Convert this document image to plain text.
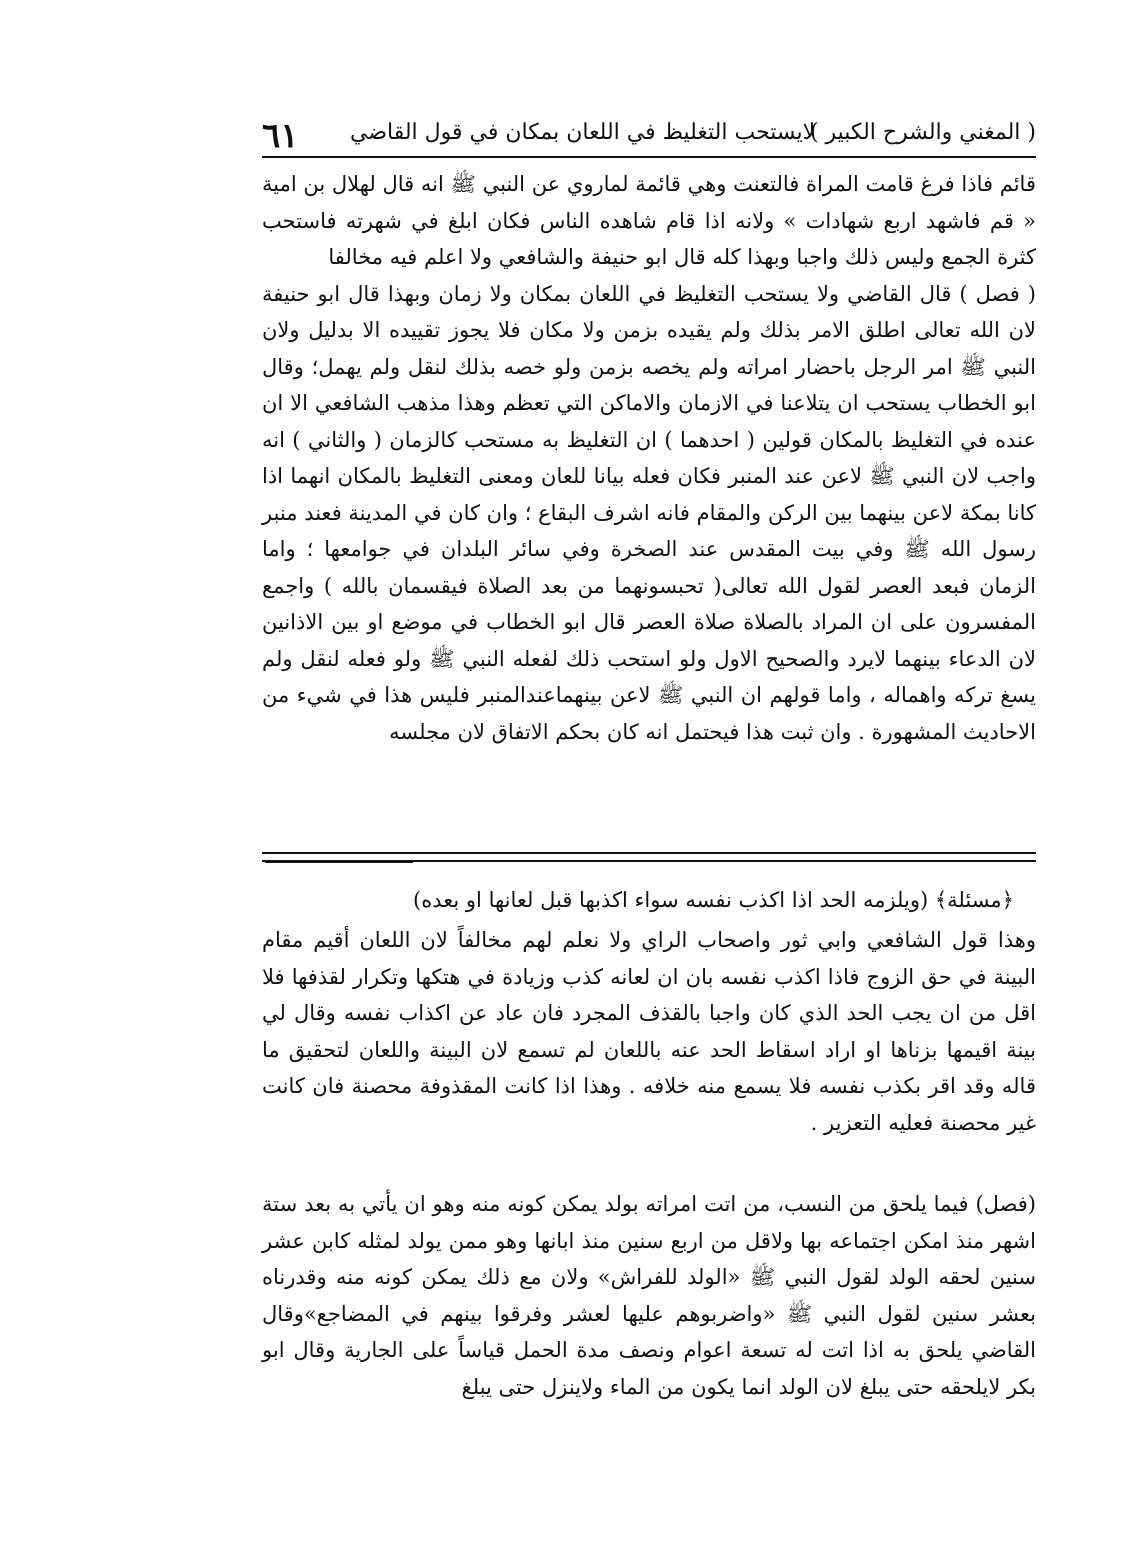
( المغني والشرح الكبير )
لايستحب التغليظ في اللعان بمكان في قول القاضي
٦١

قائم فاذا فرغ قامت المراة فالتعنت وهي قائمة لماروي عن النبي ﷺ انه قال لهلال بن امية « قم فاشهد اربع شهادات » ولانه اذا قام شاهده الناس فكان ابلغ في شهرته فاستحب كثرة الجمع وليس ذلك واجبا وبهذا كله قال ابو حنيفة والشافعي ولا اعلم فيه مخالفا

( فصل ) قال القاضي ولا يستحب التغليظ في اللعان بمكان ولا زمان وبهذا قال ابو حنيفة لان الله تعالى اطلق الامر بذلك ولم يقيده بزمن ولا مكان فلا يجوز تقييده الا بدليل ولان النبي ﷺ امر الرجل باحضار امراته ولم يخصه بزمن ولو خصه بذلك لنقل ولم يهمل؛ وقال ابو الخطاب يستحب ان يتلاعنا في الازمان والاماكن التي تعظم وهذا مذهب الشافعي الا ان عنده في التغليظ بالمكان قولين ( احدهما ) ان التغليظ به مستحب كالزمان ( والثاني ) انه واجب لان النبي ﷺ لاعن عند المنبر فكان فعله بيانا للعان ومعنى التغليظ بالمكان انهما اذا كانا بمكة لاعن بينهما بين الركن والمقام فانه اشرف البقاع ؛ وان كان في المدينة فعند منبر رسول الله ﷺ وفي بيت المقدس عند الصخرة وفي سائر البلدان في جوامعها ؛ واما الزمان فبعد العصر لقول الله تعالى( تحبسونهما من بعد الصلاة فيقسمان بالله ) واجمع المفسرون على ان المراد بالصلاة صلاة العصر قال ابو الخطاب في موضع او بين الاذانين لان الدعاء بينهما لايرد والصحيح الاول ولو استحب ذلك لفعله النبي ﷺ ولو فعله لنقل ولم يسغ تركه واهماله ، واما قولهم ان النبي ﷺ لاعن بينهماعندالمنبر فليس هذا في شيء من الاحاديث المشهورة . وان ثبت هذا فيحتمل انه كان بحكم الاتفاق لان مجلسه

﴿مسئلة﴾ (ويلزمه الحد اذا اكذب نفسه سواء اكذبها قبل لعانها او بعده)

وهذا قول الشافعي وابي ثور واصحاب الراي ولا نعلم لهم مخالفاً لان اللعان أقيم مقام البينة في حق الزوج فاذا اكذب نفسه بان ان لعانه كذب وزيادة في هتكها وتكرار لقذفها فلا اقل من ان يجب الحد الذي كان واجبا بالقذف المجرد فان عاد عن اكذاب نفسه وقال لي بينة اقيمها بزناها او اراد اسقاط الحد عنه باللعان لم تسمع لان البينة واللعان لتحقيق ما قاله وقد اقر بكذب نفسه فلا يسمع منه خلافه . وهذا اذا كانت المقذوفة محصنة فان كانت غير محصنة فعليه التعزير .

(فصل) فيما يلحق من النسب، من اتت امراته بولد يمكن كونه منه وهو ان يأتي به بعد ستة اشهر منذ امكن اجتماعه بها ولاقل من اربع سنين منذ ابانها وهو ممن يولد لمثله كابن عشر سنين لحقه الولد لقول النبي ﷺ «الولد للفراش» ولان مع ذلك يمكن كونه منه وقدرناه بعشر سنين لقول النبي ﷺ «واضربوهم عليها لعشر وفرقوا بينهم في المضاجع»وقال القاضي يلحق به اذا اتت له تسعة اعوام ونصف مدة الحمل قياساً على الجارية وقال ابو بكر لايلحقه حتى يبلغ لان الولد انما يكون من الماء ولاينزل حتى يبلغ
